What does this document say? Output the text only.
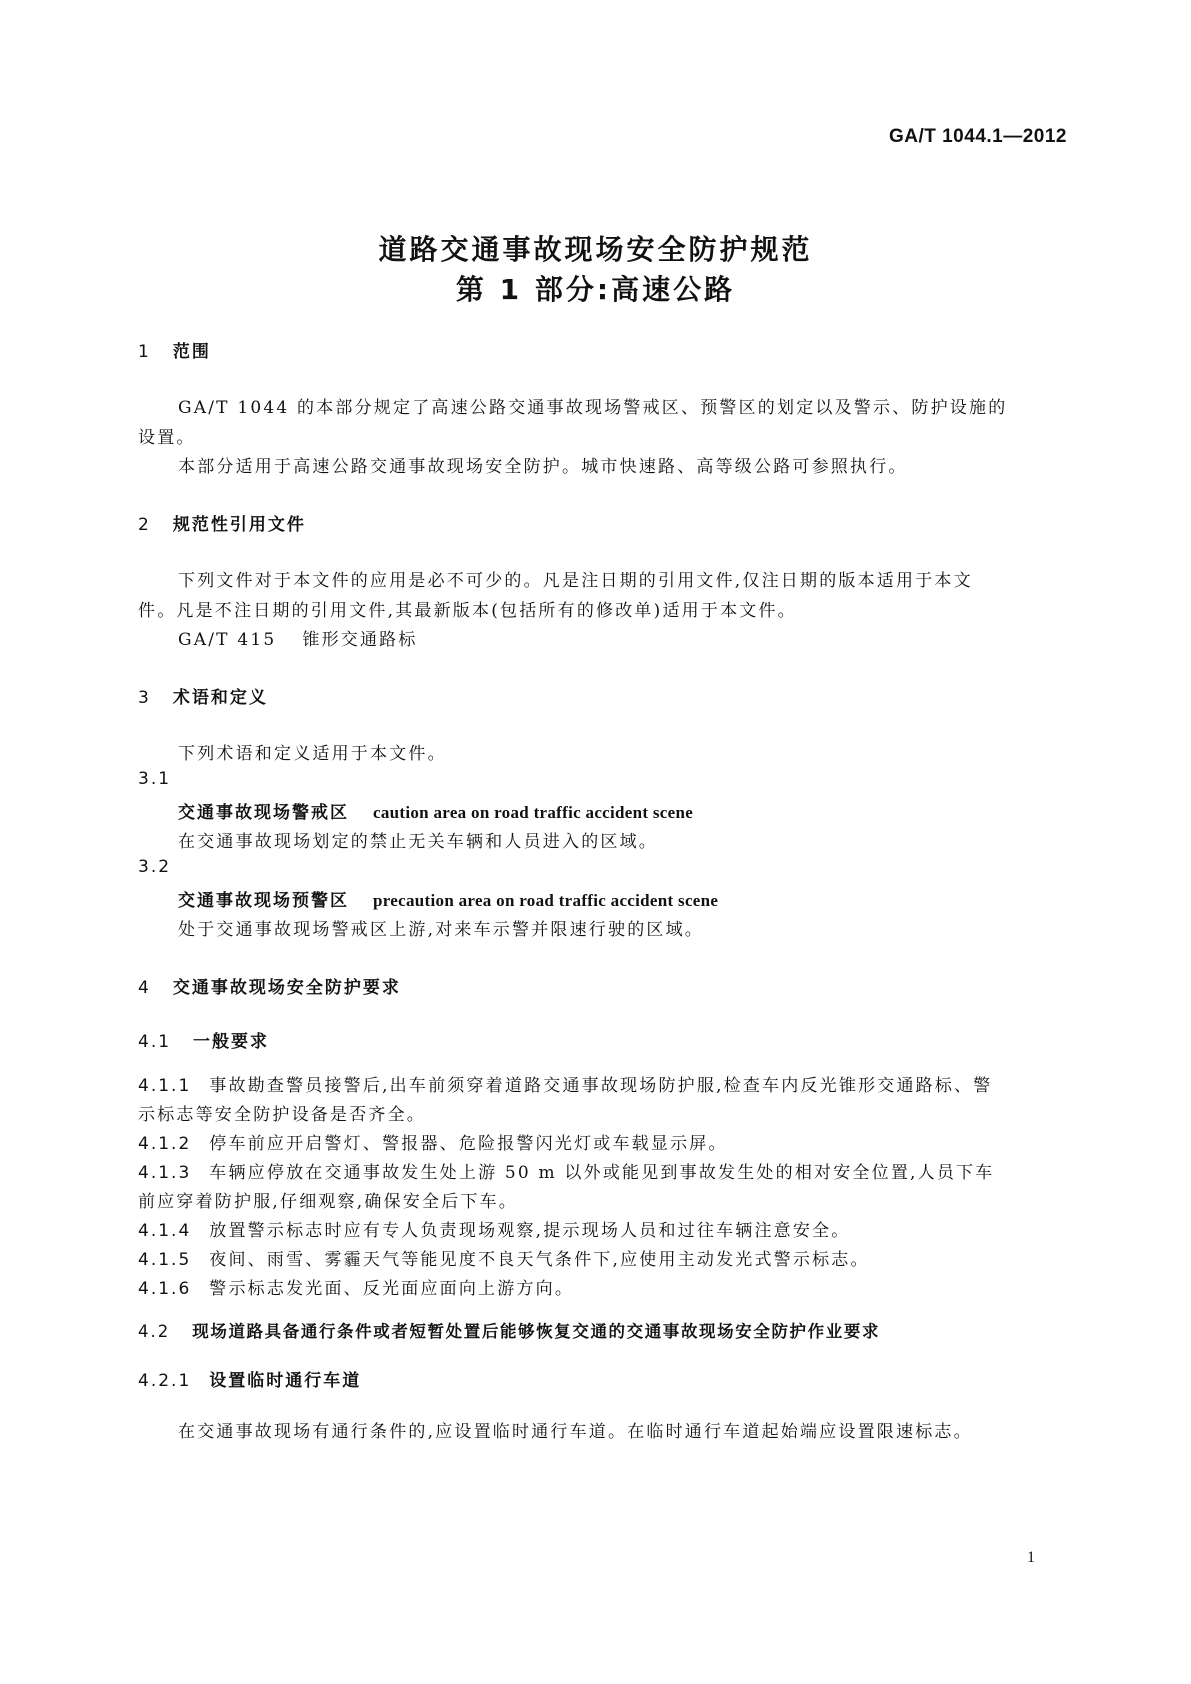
GA/T 1044.1—2012
道路交通事故现场安全防护规范
第 1 部分:高速公路
1 范围
GA/T 1044 的本部分规定了高速公路交通事故现场警戒区、预警区的划定以及警示、防护设施的
设置。
本部分适用于高速公路交通事故现场安全防护。城市快速路、高等级公路可参照执行。
2 规范性引用文件
下列文件对于本文件的应用是必不可少的。凡是注日期的引用文件,仅注日期的版本适用于本文
件。凡是不注日期的引用文件,其最新版本(包括所有的修改单)适用于本文件。
GA/T 415 锥形交通路标
3 术语和定义
下列术语和定义适用于本文件。
3.1
交通事故现场警戒区 caution area on road traffic accident scene
在交通事故现场划定的禁止无关车辆和人员进入的区域。
3.2
交通事故现场预警区 precaution area on road traffic accident scene
处于交通事故现场警戒区上游,对来车示警并限速行驶的区域。
4 交通事故现场安全防护要求
4.1 一般要求
4.1.1 事故勘查警员接警后,出车前须穿着道路交通事故现场防护服,检查车内反光锥形交通路标、警
示标志等安全防护设备是否齐全。
4.1.2 停车前应开启警灯、警报器、危险报警闪光灯或车载显示屏。
4.1.3 车辆应停放在交通事故发生处上游 50 m 以外或能见到事故发生处的相对安全位置,人员下车
前应穿着防护服,仔细观察,确保安全后下车。
4.1.4 放置警示标志时应有专人负责现场观察,提示现场人员和过往车辆注意安全。
4.1.5 夜间、雨雪、雾霾天气等能见度不良天气条件下,应使用主动发光式警示标志。
4.1.6 警示标志发光面、反光面应面向上游方向。
4.2 现场道路具备通行条件或者短暂处置后能够恢复交通的交通事故现场安全防护作业要求
4.2.1 设置临时通行车道
在交通事故现场有通行条件的,应设置临时通行车道。在临时通行车道起始端应设置限速标志。
1
